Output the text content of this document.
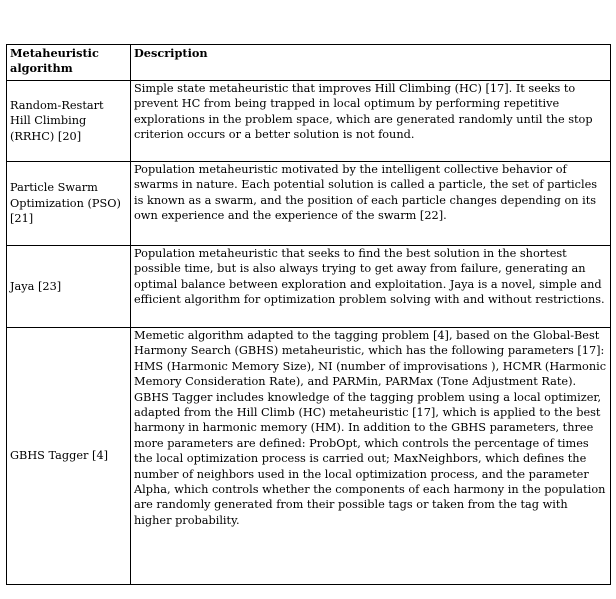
Metaheuristic algorithm	Description
Random-Restart Hill Climbing (RRHC) [20]	Simple state metaheuristic that improves Hill Climbing (HC) [17]. It seeks to prevent HC from being trapped in local optimum by performing repetitive explorations in the problem space, which are generated randomly until the stop criterion occurs or a better solution is not found.
Particle Swarm Optimization (PSO) [21]	Population metaheuristic motivated by the intelligent collective behavior of swarms in nature. Each potential solution is called a particle, the set of particles is known as a swarm, and the position of each particle changes depending on its own experience and the experience of the swarm [22].
Jaya [23]	Population metaheuristic that seeks to find the best solution in the shortest possible time, but is also always trying to get away from failure, generating an optimal balance between exploration and exploitation. Jaya is a novel, simple and efficient algorithm for optimization problem solving with and without restrictions.
GBHS Tagger [4]	Memetic algorithm adapted to the tagging problem [4], based on the Global-Best Harmony Search (GBHS) metaheuristic, which has the following parameters [17]: HMS (Harmonic Memory Size), NI (number of improvisations ), HCMR (Harmonic Memory Consideration Rate), and PARMin, PARMax (Tone Adjustment Rate). GBHS Tagger includes knowledge of the tagging problem using a local optimizer, adapted from the Hill Climb (HC) metaheuristic [17], which is applied to the best harmony in harmonic memory (HM). In addition to the GBHS parameters, three more parameters are defined: ProbOpt, which controls the percentage of times the local optimization process is carried out; MaxNeighbors, which defines the number of neighbors used in the local optimization process, and the parameter Alpha, which controls whether the components of each harmony in the population are randomly generated from their possible tags or taken from the tag with higher probability.
